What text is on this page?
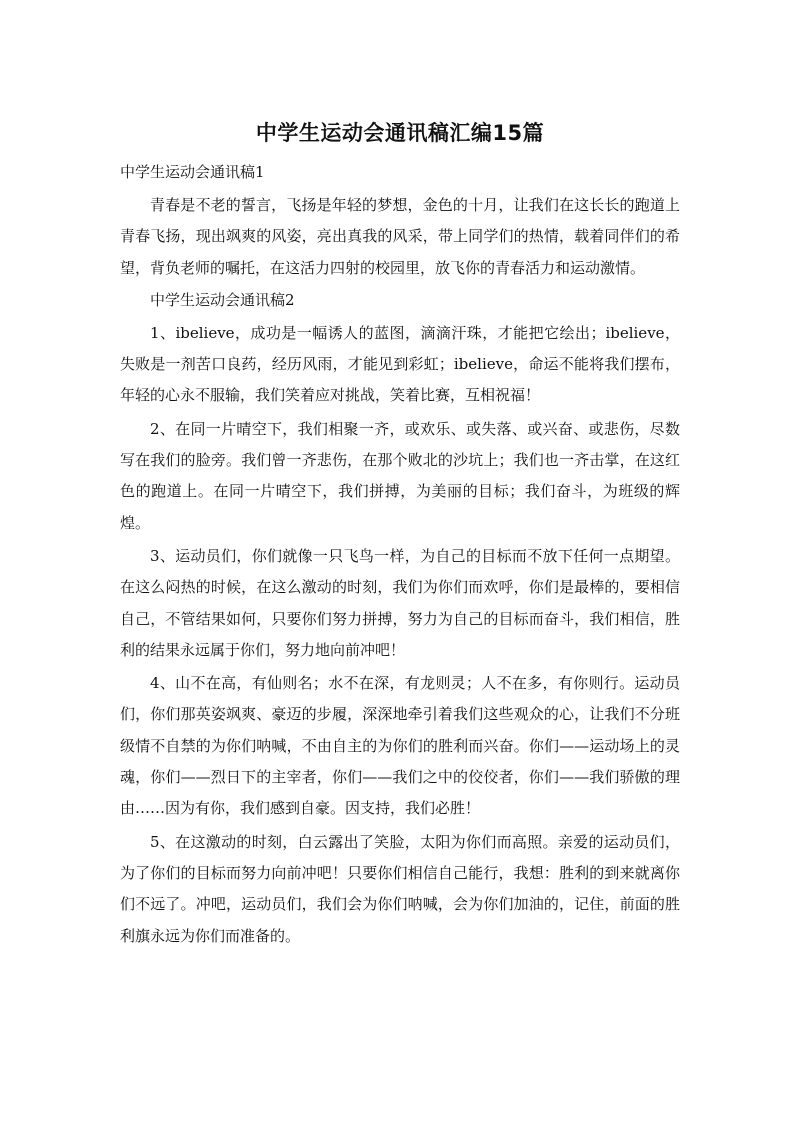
中学生运动会通讯稿汇编15篇
中学生运动会通讯稿1

青春是不老的誓言，飞扬是年轻的梦想，金色的十月，让我们在这长长的跑道上青春飞扬，现出飒爽的风姿，亮出真我的风采，带上同学们的热情，载着同伴们的希望，背负老师的嘱托，在这活力四射的校园里，放飞你的青春活力和运动激情。

中学生运动会通讯稿2

1、ibelieve，成功是一幅诱人的蓝图，滴滴汗珠，才能把它绘出；ibelieve，失败是一剂苦口良药，经历风雨，才能见到彩虹；ibelieve，命运不能将我们摆布，年轻的心永不服输，我们笑着应对挑战，笑着比赛，互相祝福！

2、在同一片晴空下，我们相聚一齐，或欢乐、或失落、或兴奋、或悲伤，尽数写在我们的脸旁。我们曾一齐悲伤，在那个败北的沙坑上；我们也一齐击掌，在这红色的跑道上。在同一片晴空下，我们拼搏，为美丽的目标；我们奋斗，为班级的辉煌。

3、运动员们，你们就像一只飞鸟一样，为自己的目标而不放下任何一点期望。在这么闷热的时候，在这么激动的时刻，我们为你们而欢呼，你们是最棒的，要相信自己，不管结果如何，只要你们努力拼搏，努力为自己的目标而奋斗，我们相信，胜利的结果永远属于你们，努力地向前冲吧！

4、山不在高，有仙则名；水不在深，有龙则灵；人不在多，有你则行。运动员们，你们那英姿飒爽、豪迈的步履，深深地牵引着我们这些观众的心，让我们不分班级情不自禁的为你们呐喊，不由自主的为你们的胜利而兴奋。你们——运动场上的灵魂，你们——烈日下的主宰者，你们——我们之中的佼佼者，你们——我们骄傲的理由……因为有你，我们感到自豪。因支持，我们必胜！

5、在这激动的时刻，白云露出了笑脸，太阳为你们而高照。亲爱的运动员们，为了你们的目标而努力向前冲吧！只要你们相信自己能行，我想：胜利的到来就离你们不远了。冲吧，运动员们，我们会为你们呐喊，会为你们加油的，记住，前面的胜利旗永远为你们而准备的。
